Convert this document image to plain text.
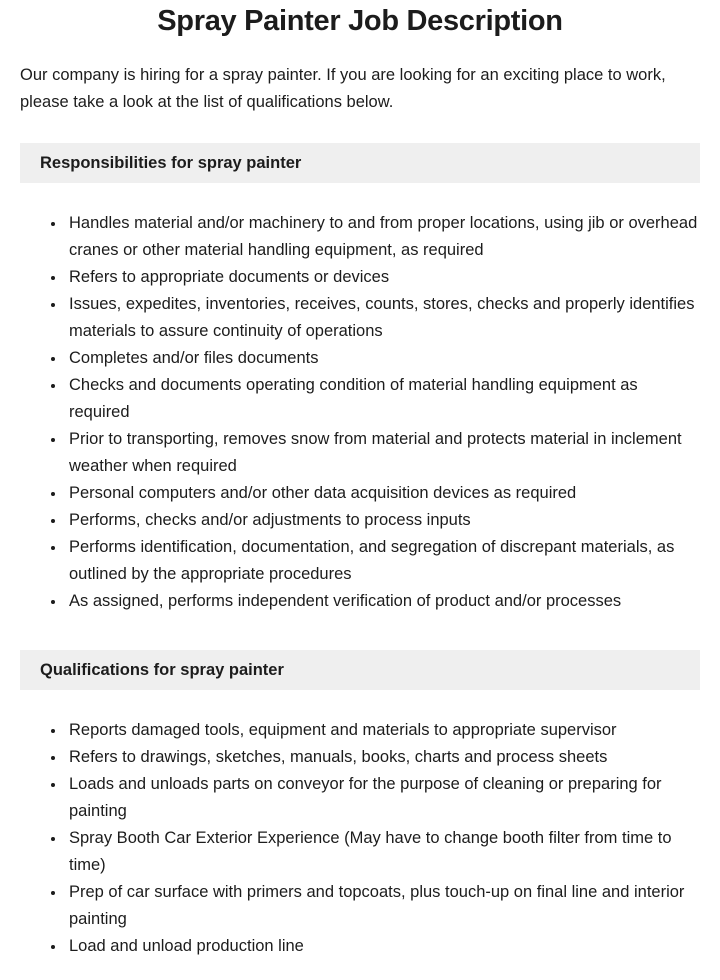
Spray Painter Job Description

Our company is hiring for a spray painter. If you are looking for an exciting place to work, please take a look at the list of qualifications below.

Responsibilities for spray painter
• Handles material and/or machinery to and from proper locations, using jib or overhead cranes or other material handling equipment, as required
• Refers to appropriate documents or devices
• Issues, expedites, inventories, receives, counts, stores, checks and properly identifies materials to assure continuity of operations
• Completes and/or files documents
• Checks and documents operating condition of material handling equipment as required
• Prior to transporting, removes snow from material and protects material in inclement weather when required
• Personal computers and/or other data acquisition devices as required
• Performs, checks and/or adjustments to process inputs
• Performs identification, documentation, and segregation of discrepant materials, as outlined by the appropriate procedures
• As assigned, performs independent verification of product and/or processes
Qualifications for spray painter
• Reports damaged tools, equipment and materials to appropriate supervisor
• Refers to drawings, sketches, manuals, books, charts and process sheets
• Loads and unloads parts on conveyor for the purpose of cleaning or preparing for painting
• Spray Booth Car Exterior Experience (May have to change booth filter from time to time)
• Prep of car surface with primers and topcoats, plus touch-up on final line and interior painting
• Load and unload production line
